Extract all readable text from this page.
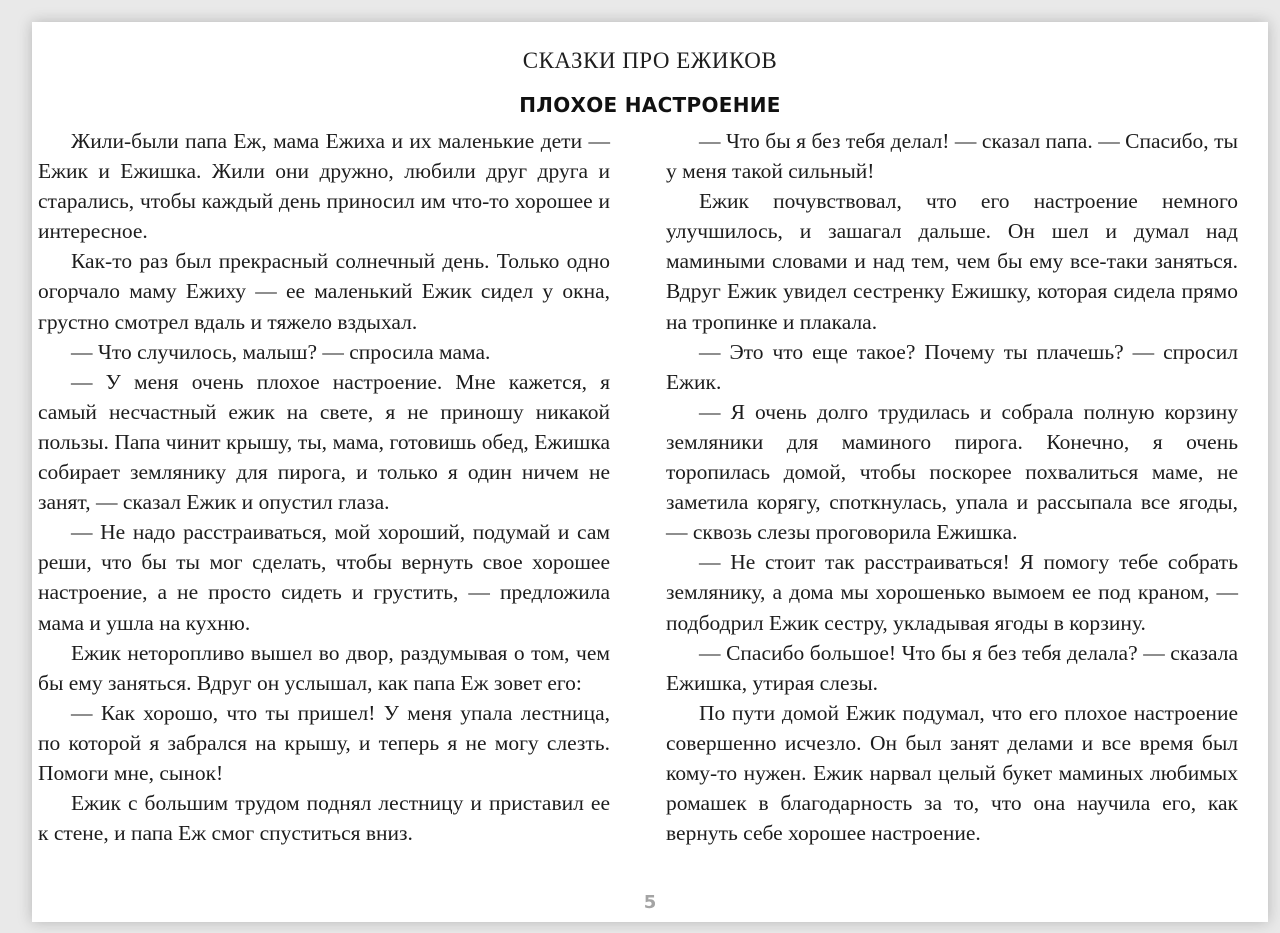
СКАЗКИ ПРО ЕЖИКОВ
ПЛОХОЕ НАСТРОЕНИЕ

Жили-были папа Еж, мама Ежиха и их маленькие дети — Ежик и Ежишка. Жили они дружно, любили друг друга и старались, чтобы каждый день приносил им что-то хорошее и интересное.

Как-то раз был прекрасный солнечный день. Только одно огорчало маму Ежиху — ее маленький Ежик сидел у окна, грустно смотрел вдаль и тяжело вздыхал.

— Что случилось, малыш? — спросила мама.

— У меня очень плохое настроение. Мне кажется, я самый несчастный ежик на свете, я не приношу никакой пользы. Папа чинит крышу, ты, мама, готовишь обед, Ежишка собирает землянику для пирога, и только я один ничем не занят, — сказал Ежик и опустил глаза.

— Не надо расстраиваться, мой хороший, подумай и сам реши, что бы ты мог сделать, чтобы вернуть свое хорошее настроение, а не просто сидеть и грустить, — предложила мама и ушла на кухню.

Ежик неторопливо вышел во двор, раздумывая о том, чем бы ему заняться. Вдруг он услышал, как папа Еж зовет его:

— Как хорошо, что ты пришел! У меня упала лестница, по которой я забрался на крышу, и теперь я не могу слезть. Помоги мне, сынок!

Ежик с большим трудом поднял лестницу и приставил ее к стене, и папа Еж смог спуститься вниз.

— Что бы я без тебя делал! — сказал папа. — Спасибо, ты у меня такой сильный!

Ежик почувствовал, что его настроение немного улучшилось, и зашагал дальше. Он шел и думал над мамиными словами и над тем, чем бы ему все-таки заняться. Вдруг Ежик увидел сестренку Ежишку, которая сидела прямо на тропинке и плакала.

— Это что еще такое? Почему ты плачешь? — спросил Ежик.

— Я очень долго трудилась и собрала полную корзину земляники для маминого пирога. Конечно, я очень торопилась домой, чтобы поскорее похвалиться маме, не заметила корягу, споткнулась, упала и рассыпала все ягоды, — сквозь слезы проговорила Ежишка.

— Не стоит так расстраиваться! Я помогу тебе собрать землянику, а дома мы хорошенько вымоем ее под краном, — подбодрил Ежик сестру, укладывая ягоды в корзину.

— Спасибо большое! Что бы я без тебя делала? — сказала Ежишка, утирая слезы.

По пути домой Ежик подумал, что его плохое настроение совершенно исчезло. Он был занят делами и все время был кому-то нужен. Ежик нарвал целый букет маминых любимых ромашек в благодарность за то, что она научила его, как вернуть себе хорошее настроение.

5
